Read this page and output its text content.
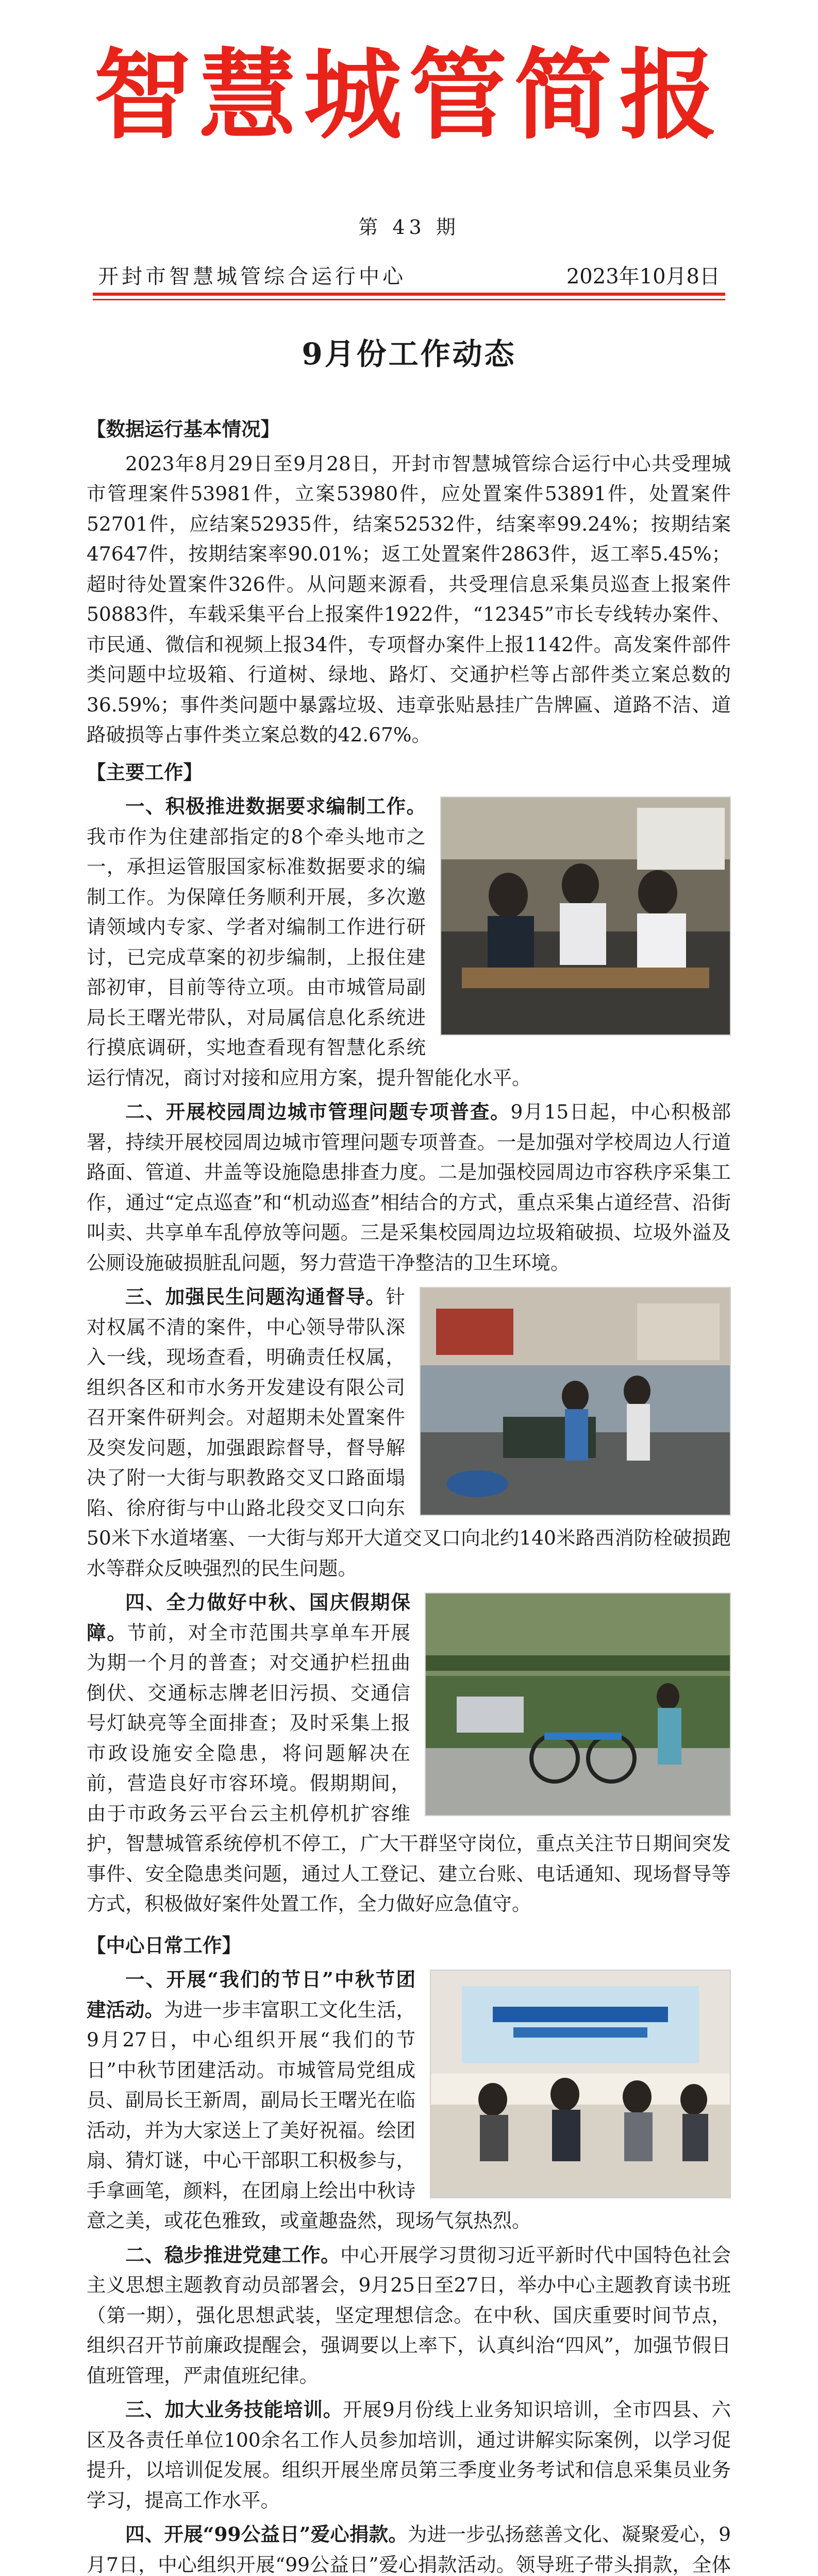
智慧城管简报
第 43 期
开封市智慧城管综合运行中心	2023年10月8日
9月份工作动态
【数据运行基本情况】

2023年8月29日至9月28日，开封市智慧城管综合运行中心共受理城市管理案件53981件，立案53980件，应处置案件53891件，处置案件52701件，应结案52935件，结案52532件，结案率99.24%；按期结案47647件，按期结案率90.01%；返工处置案件2863件，返工率5.45%；超时待处置案件326件。从问题来源看，共受理信息采集员巡查上报案件50883件，车载采集平台上报案件1922件，“12345”市长专线转办案件、市民通、微信和视频上报34件，专项督办案件上报1142件。高发案件部件类问题中垃圾箱、行道树、绿地、路灯、交通护栏等占部件类立案总数的36.59%；事件类问题中暴露垃圾、违章张贴悬挂广告牌匾、道路不洁、道路破损等占事件类立案总数的42.67%。

【主要工作】

一、积极推进数据要求编制工作。我市作为住建部指定的8个牵头地市之一，承担运管服国家标准数据要求的编制工作。为保障任务顺利开展，多次邀请领域内专家、学者对编制工作进行研讨，已完成草案的初步编制，上报住建部初审，目前等待立项。由市城管局副局长王曙光带队，对局属信息化系统进行摸底调研，实地查看现有智慧化系统运行情况，商讨对接和应用方案，提升智能化水平。

二、开展校园周边城市管理问题专项普查。9月15日起，中心积极部署，持续开展校园周边城市管理问题专项普查。一是加强对学校周边人行道路面、管道、井盖等设施隐患排查力度。二是加强校园周边市容秩序采集工作，通过“定点巡查”和“机动巡查”相结合的方式，重点采集占道经营、沿街叫卖、共享单车乱停放等问题。三是采集校园周边垃圾箱破损、垃圾外溢及公厕设施破损脏乱问题，努力营造干净整洁的卫生环境。

三、加强民生问题沟通督导。针对权属不清的案件，中心领导带队深入一线，现场查看，明确责任权属，组织各区和市水务开发建设有限公司召开案件研判会。对超期未处置案件及突发问题，加强跟踪督导，督导解决了附一大街与职教路交叉口路面塌陷、徐府街与中山路北段交叉口向东50米下水道堵塞、一大街与郑开大道交叉口向北约140米路西消防栓破损跑水等群众反映强烈的民生问题。

四、全力做好中秋、国庆假期保障。节前，对全市范围共享单车开展为期一个月的普查；对交通护栏扭曲倒伏、交通标志牌老旧污损、交通信号灯缺亮等全面排查；及时采集上报市政设施安全隐患，将问题解决在前，营造良好市容环境。假期期间，由于市政务云平台云主机停机扩容维护，智慧城管系统停机不停工，广大干群坚守岗位，重点关注节日期间突发事件、安全隐患类问题，通过人工登记、建立台账、电话通知、现场督导等方式，积极做好案件处置工作，全力做好应急值守。

【中心日常工作】

一、开展“我们的节日”中秋节团建活动。为进一步丰富职工文化生活，9月27日，中心组织开展“我们的节日”中秋节团建活动。市城管局党组成员、副局长王新周，副局长王曙光在临活动，并为大家送上了美好祝福。绘团扇、猜灯谜，中心干部职工积极参与，手拿画笔，颜料，在团扇上绘出中秋诗意之美，或花色雅致，或童趣盎然，现场气氛热烈。

二、稳步推进党建工作。中心开展学习贯彻习近平新时代中国特色社会主义思想主题教育动员部署会，9月25日至27日，举办中心主题教育读书班（第一期），强化思想武装，坚定理想信念。在中秋、国庆重要时间节点，组织召开节前廉政提醒会，强调要以上率下，认真纠治“四风”，加强节假日值班管理，严肃值班纪律。

三、加大业务技能培训。开展9月份线上业务知识培训，全市四县、六区及各责任单位100余名工作人员参加培训，通过讲解实际案例，以学习促提升，以培训促发展。组织开展坐席员第三季度业务考试和信息采集员业务学习，提高工作水平。

四、开展“99公益日”爱心捐款。为进一步弘扬慈善文化、凝聚爱心，9月7日，中心组织开展“99公益日”爱心捐款活动。领导班子带头捐款，全体
